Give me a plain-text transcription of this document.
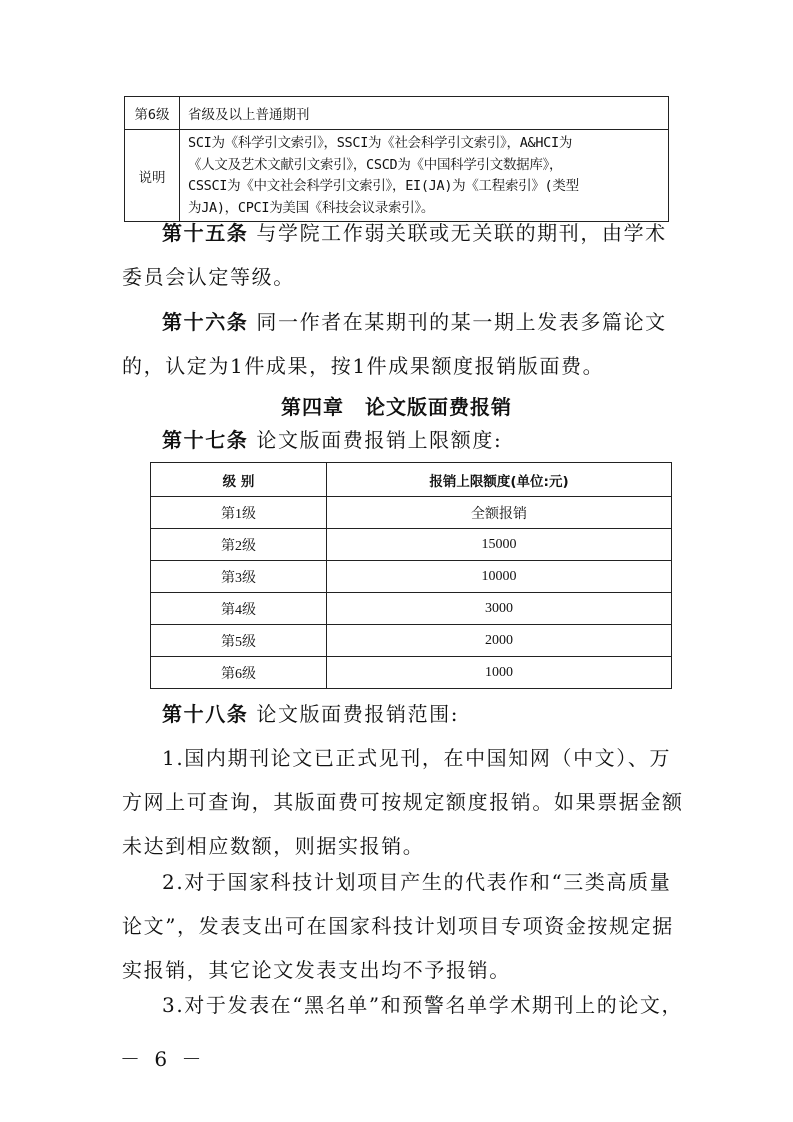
第6级	省级及以上普通期刊
说明	SCI为《科学引文索引》，SSCI为《社会科学引文索引》，A&HCI为
《人文及艺术文献引文索引》，CSCD为《中国科学引文数据库》，
CSSCI为《中文社会科学引文索引》，EI(JA)为《工程索引》(类型
为JA)，CPCI为美国《科技会议录索引》。
第十五条 与学院工作弱关联或无关联的期刊，由学术
委员会认定等级。
第十六条 同一作者在某期刊的某一期上发表多篇论文
的，认定为1件成果，按1件成果额度报销版面费。
第四章　论文版面费报销
第十七条 论文版面费报销上限额度:
级 别	报销上限额度(单位:元)
第1级	全额报销
第2级	15000
第3级	10000
第4级	3000
第5级	2000
第6级	1000
第十八条 论文版面费报销范围:
1.国内期刊论文已正式见刊，在中国知网（中文）、万
方网上可查询，其版面费可按规定额度报销。如果票据金额
未达到相应数额，则据实报销。
2.对于国家科技计划项目产生的代表作和“三类高质量
论文”，发表支出可在国家科技计划项目专项资金按规定据
实报销，其它论文发表支出均不予报销。
3.对于发表在“黑名单”和预警名单学术期刊上的论文，
－ 6 －
